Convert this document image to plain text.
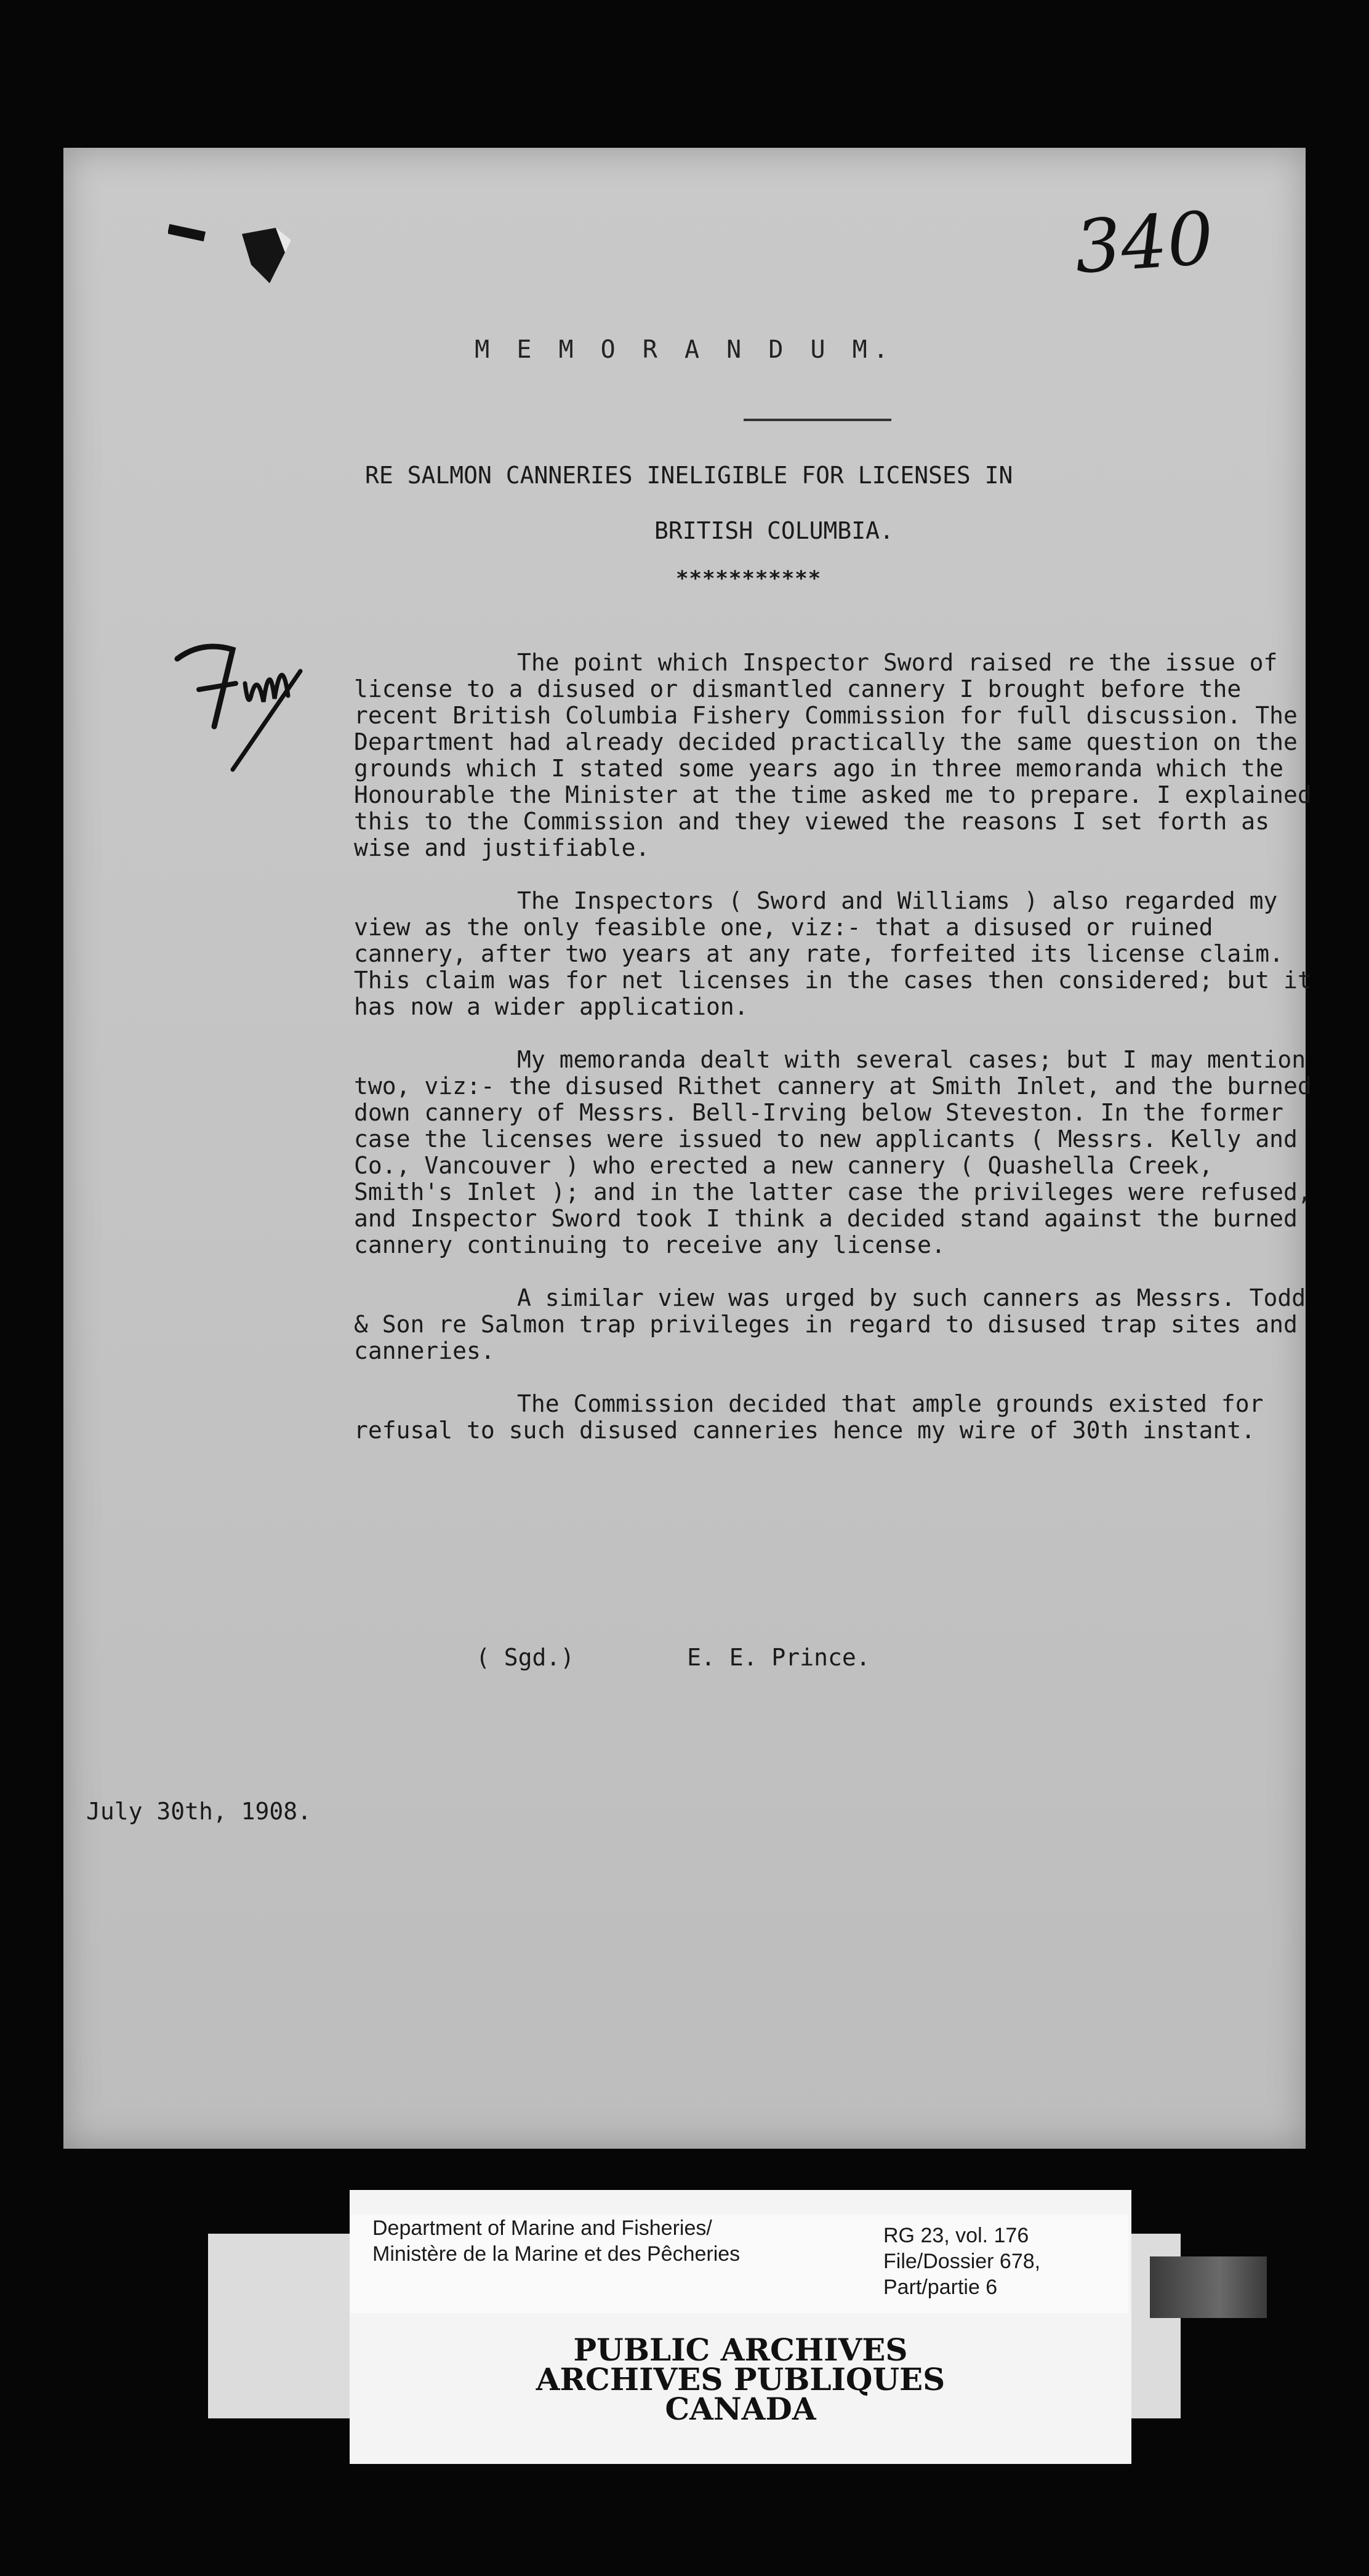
340
M E M O R A N D U M.
RE SALMON CANNERIES INELIGIBLE FOR LICENSES IN
BRITISH COLUMBIA.
***********

The point which Inspector Sword raised re the issue of license to a disused or dismantled cannery I brought before the recent British Columbia Fishery Commission for full discussion. The Department had already decided practically the same question on the grounds which I stated some years ago in three memoranda which the Honourable the Minister at the time asked me to prepare. I explained this to the Commission and they viewed the reasons I set forth as wise and justifiable.

The Inspectors ( Sword and Williams ) also regarded my view as the only feasible one, viz:- that a disused or ruined cannery, after two years at any rate, forfeited its license claim. This claim was for net licenses in the cases then considered; but it has now a wider application.

My memoranda dealt with several cases; but I may mention two, viz:- the disused Rithet cannery at Smith Inlet, and the burned down cannery of Messrs. Bell-Irving below Steveston. In the former case the licenses were issued to new applicants ( Messrs. Kelly and Co., Vancouver ) who erected a new cannery ( Quashella Creek, Smith's Inlet ); and in the latter case the privileges were refused, and Inspector Sword took I think a decided stand against the burned cannery continuing to receive any license.

A similar view was urged by such canners as Messrs. Todd & Son re Salmon trap privileges in regard to disused trap sites and canneries.

The Commission decided that ample grounds existed for refusal to such disused canneries hence my wire of 30th instant.

( Sgd.)        E. E. Prince.
July 30th, 1908.
Department of Marine and Fisheries/
Ministère de la Marine et des Pêcheries
RG 23, vol. 176
File/Dossier 678,
Part/partie 6
PUBLIC ARCHIVES
ARCHIVES PUBLIQUES
CANADA
